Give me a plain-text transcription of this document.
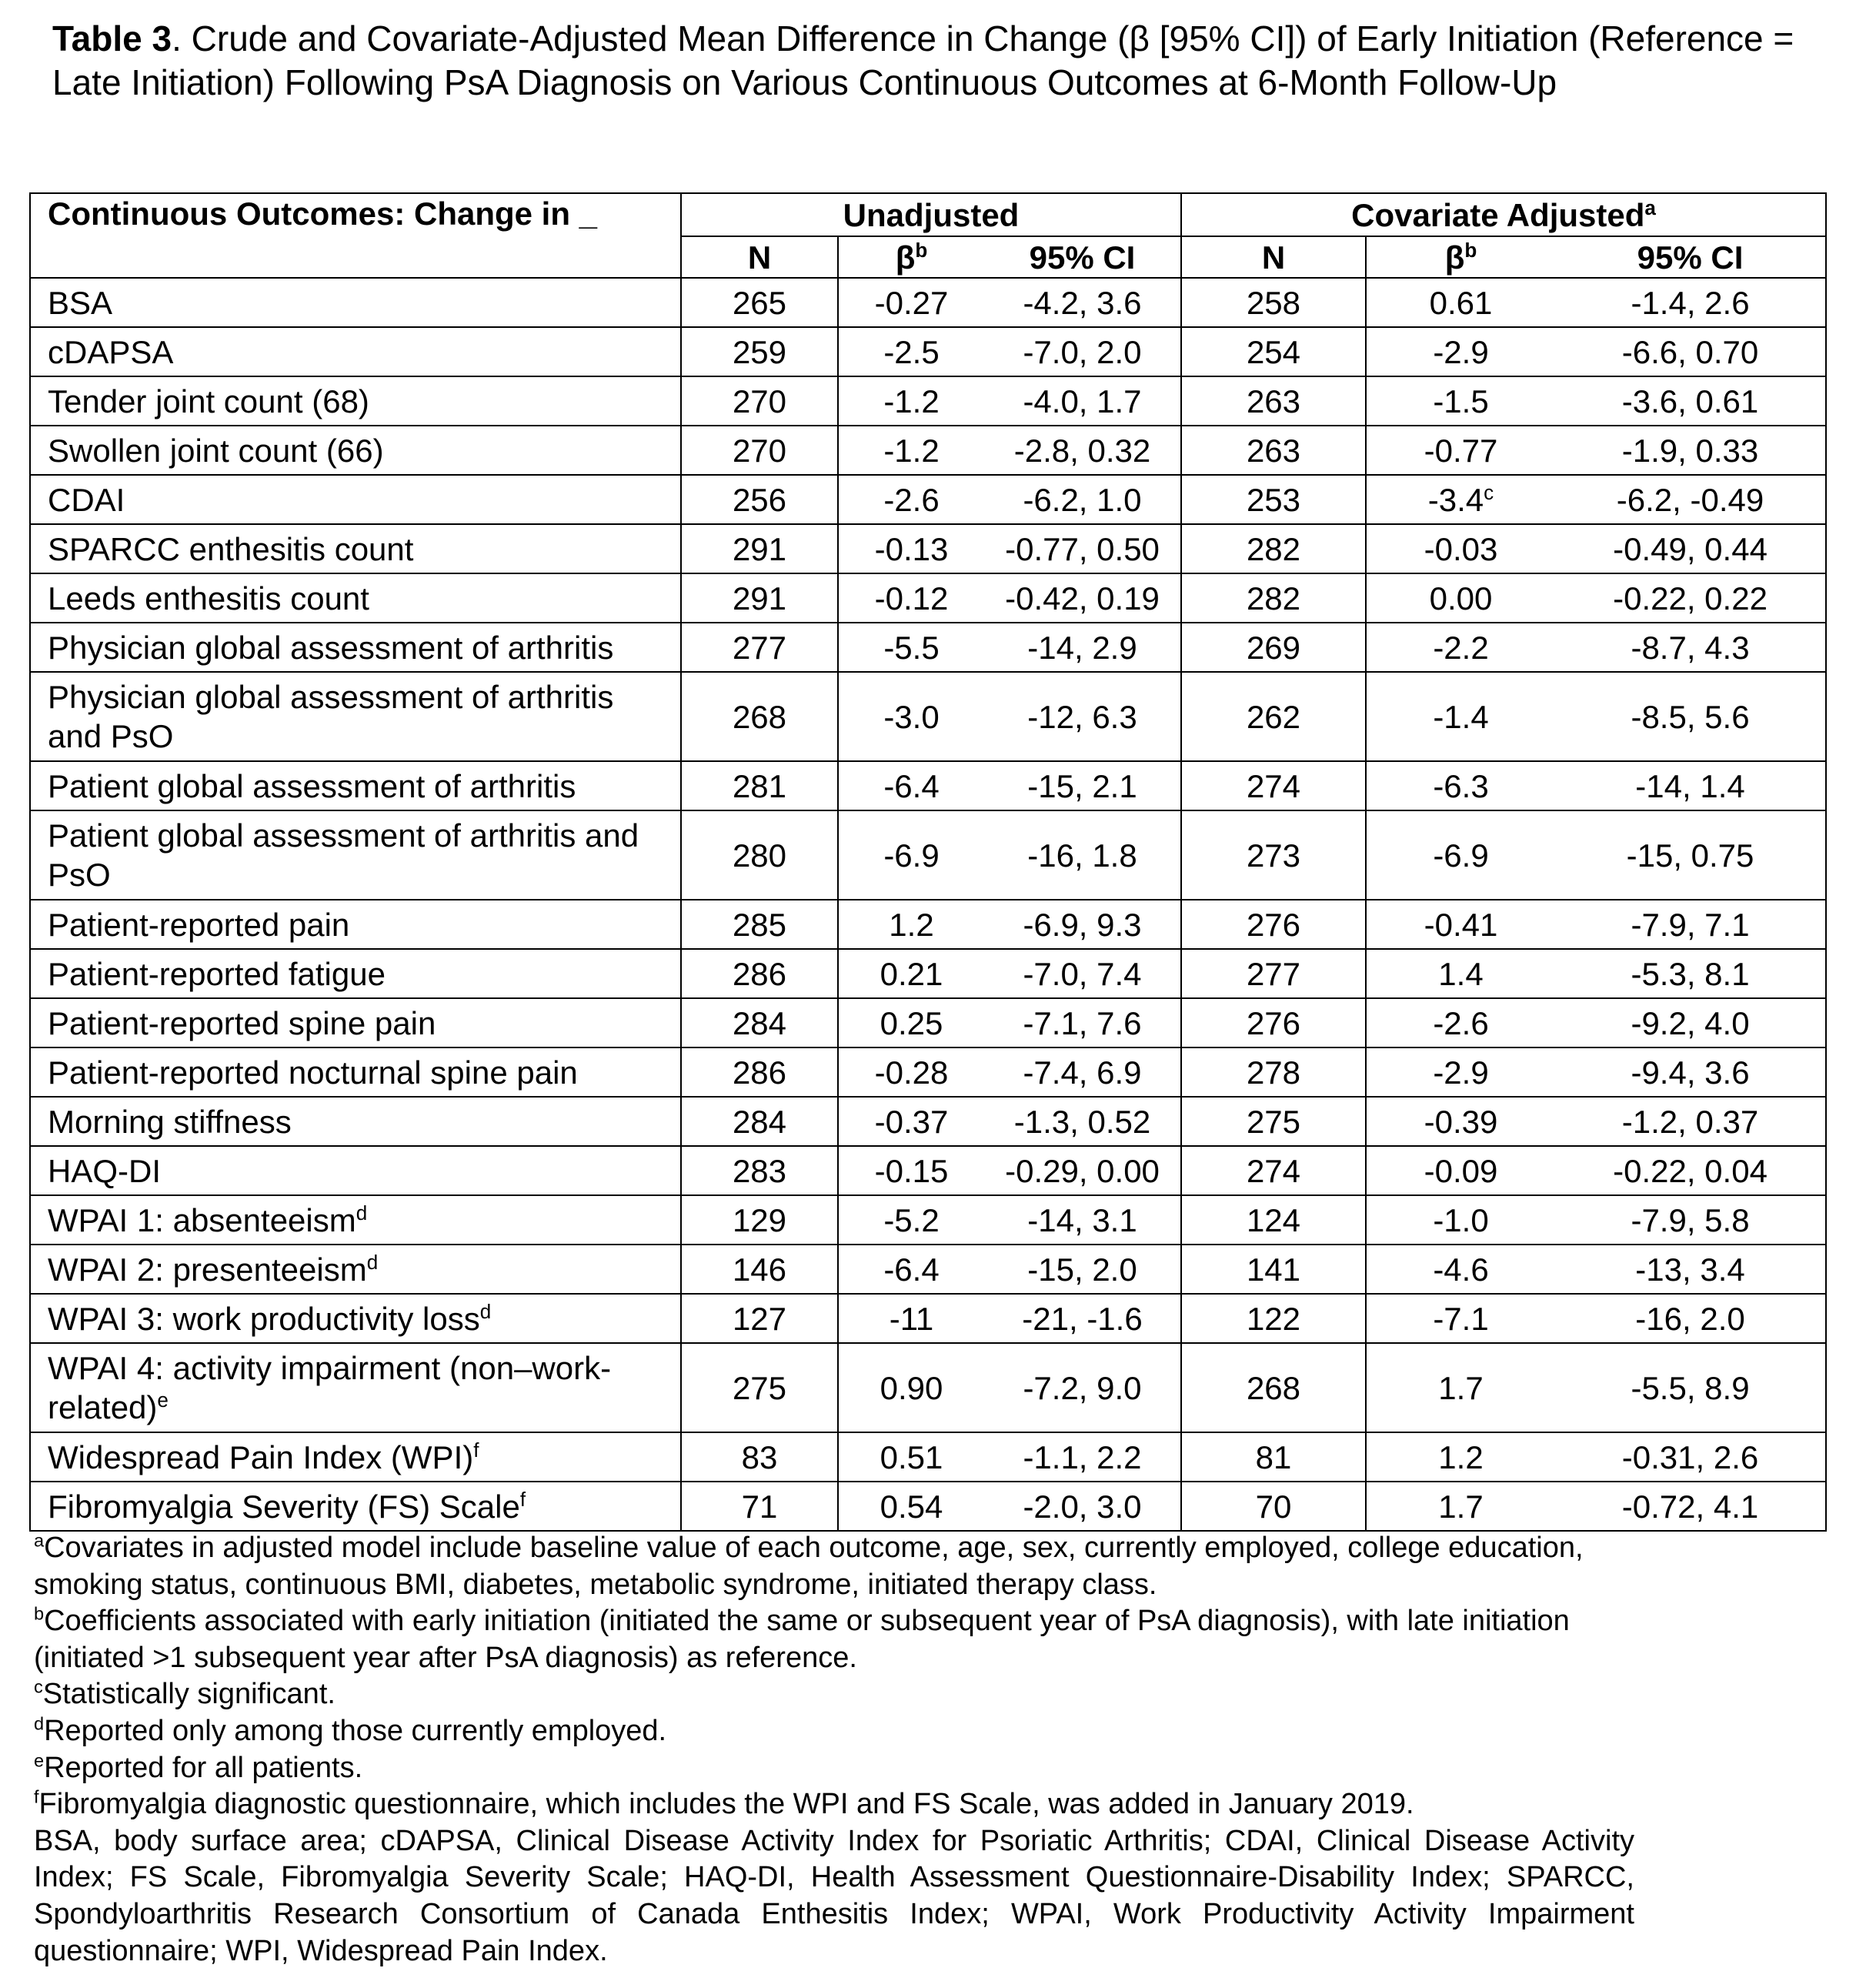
Table 3. Crude and Covariate-Adjusted Mean Difference in Change (β [95% CI]) of Early Initiation (Reference = Late Initiation) Following PsA Diagnosis on Various Continuous Outcomes at 6-Month Follow-Up

Continuous Outcomes: Change in _	Unadjusted			Covariate Adjusted$^a$
	N	$\beta^b$	95% CI	N	$\beta^b$	95% CI
BSA	265	-0.27	-4.2, 3.6	258	0.61	-1.4, 2.6
cDAPSA	259	-2.5	-7.0, 2.0	254	-2.9	-6.6, 0.70
Tender joint count (68)	270	-1.2	-4.0, 1.7	263	-1.5	-3.6, 0.61
Swollen joint count (66)	270	-1.2	-2.8, 0.32	263	-0.77	-1.9, 0.33
CDAI	256	-2.6	-6.2, 1.0	253	-3.4$^c$	-6.2, -0.49
SPARCC enthesitis count	291	-0.13	-0.77, 0.50	282	-0.03	-0.49, 0.44
Leeds enthesitis count	291	-0.12	-0.42, 0.19	282	0.00	-0.22, 0.22
Physician global assessment of arthritis	277	-5.5	-14, 2.9	269	-2.2	-8.7, 4.3
Physician global assessment of arthritis and PsO	268	-3.0	-12, 6.3	262	-1.4	-8.5, 5.6
Patient global assessment of arthritis	281	-6.4	-15, 2.1	274	-6.3	-14, 1.4
Patient global assessment of arthritis and PsO	280	-6.9	-16, 1.8	273	-6.9	-15, 0.75
Patient-reported pain	285	1.2	-6.9, 9.3	276	-0.41	-7.9, 7.1
Patient-reported fatigue	286	0.21	-7.0, 7.4	277	1.4	-5.3, 8.1
Patient-reported spine pain	284	0.25	-7.1, 7.6	276	-2.6	-9.2, 4.0
Patient-reported nocturnal spine pain	286	-0.28	-7.4, 6.9	278	-2.9	-9.4, 3.6
Morning stiffness	284	-0.37	-1.3, 0.52	275	-0.39	-1.2, 0.37
HAQ-DI	283	-0.15	-0.29, 0.00	274	-0.09	-0.22, 0.04
WPAI 1: absenteeism$^d$	129	-5.2	-14, 3.1	124	-1.0	-7.9, 5.8
WPAI 2: presenteeism$^d$	146	-6.4	-15, 2.0	141	-4.6	-13, 3.4
WPAI 3: work productivity loss$^d$	127	-11	-21, -1.6	122	-7.1	-16, 2.0
WPAI 4: activity impairment (non–work-related)$^e$	275	0.90	-7.2, 9.0	268	1.7	-5.5, 8.9
Widespread Pain Index (WPI)$^f$	83	0.51	-1.1, 2.2	81	1.2	-0.31, 2.6
Fibromyalgia Severity (FS) Scale$^f$	71	0.54	-2.0, 3.0	70	1.7	-0.72, 4.1

$^a$Covariates in adjusted model include baseline value of each outcome, age, sex, currently employed, college education, smoking status, continuous BMI, diabetes, metabolic syndrome, initiated therapy class.

$^b$Coefficients associated with early initiation (initiated the same or subsequent year of PsA diagnosis), with late initiation (initiated >1 subsequent year after PsA diagnosis) as reference.

$^c$Statistically significant.

$^d$Reported only among those currently employed.

$^e$Reported for all patients.

$^f$Fibromyalgia diagnostic questionnaire, which includes the WPI and FS Scale, was added in January 2019.

BSA, body surface area; cDAPSA, Clinical Disease Activity Index for Psoriatic Arthritis; CDAI, Clinical Disease Activity Index; FS Scale, Fibromyalgia Severity Scale; HAQ-DI, Health Assessment Questionnaire-Disability Index; SPARCC, Spondyloarthritis Research Consortium of Canada Enthesitis Index; WPAI, Work Productivity Activity Impairment questionnaire; WPI, Widespread Pain Index.
